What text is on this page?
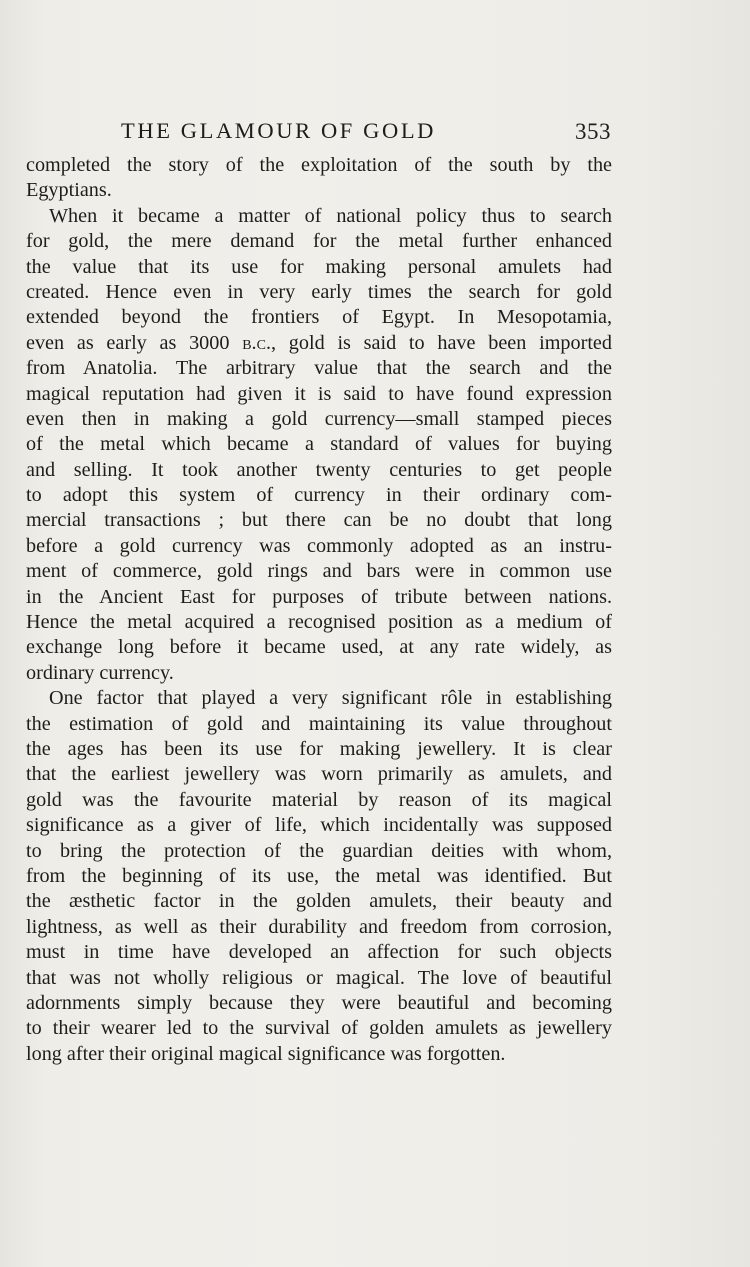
THE GLAMOUR OF GOLD	353
completed the story of the exploitation of the south by the
Egyptians.
When it became a matter of national policy thus to search
for gold, the mere demand for the metal further enhanced
the value that its use for making personal amulets had
created. Hence even in very early times the search for gold
extended beyond the frontiers of Egypt. In Mesopotamia,
even as early as 3000 b.c., gold is said to have been imported
from Anatolia. The arbitrary value that the search and the
magical reputation had given it is said to have found expression
even then in making a gold currency—small stamped pieces
of the metal which became a standard of values for buying
and selling. It took another twenty centuries to get people
to adopt this system of currency in their ordinary com-
mercial transactions ; but there can be no doubt that long
before a gold currency was commonly adopted as an instru-
ment of commerce, gold rings and bars were in common use
in the Ancient East for purposes of tribute between nations.
Hence the metal acquired a recognised position as a medium of
exchange long before it became used, at any rate widely, as
ordinary currency.
One factor that played a very significant rôle in establishing
the estimation of gold and maintaining its value throughout
the ages has been its use for making jewellery. It is clear
that the earliest jewellery was worn primarily as amulets, and
gold was the favourite material by reason of its magical
significance as a giver of life, which incidentally was supposed
to bring the protection of the guardian deities with whom,
from the beginning of its use, the metal was identified. But
the æsthetic factor in the golden amulets, their beauty and
lightness, as well as their durability and freedom from corrosion,
must in time have developed an affection for such objects
that was not wholly religious or magical. The love of beautiful
adornments simply because they were beautiful and becoming
to their wearer led to the survival of golden amulets as jewellery
long after their original magical significance was forgotten.
